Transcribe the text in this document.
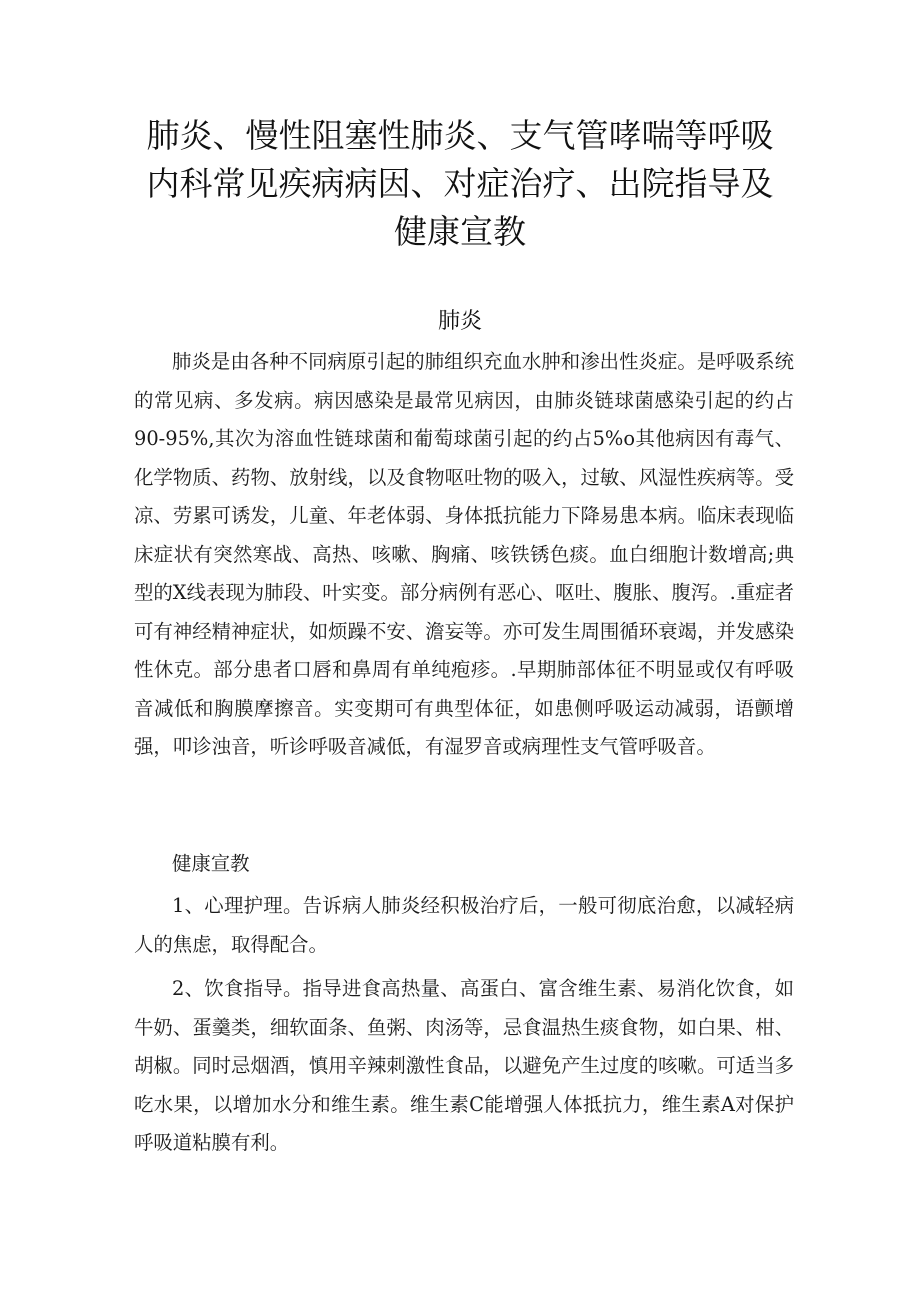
肺炎、慢性阻塞性肺炎、支气管哮喘等呼吸
内科常见疾病病因、对症治疗、出院指导及
健康宣教
肺炎

肺炎是由各种不同病原引起的肺组织充血水肿和渗出性炎症。是呼吸系统的常见病、多发病。病因感染是最常见病因，由肺炎链球菌感染引起的约占90-95%,其次为溶血性链球菌和葡萄球菌引起的约占5%o其他病因有毒气、化学物质、药物、放射线，以及食物呕吐物的吸入，过敏、风湿性疾病等。受凉、劳累可诱发，儿童、年老体弱、身体抵抗能力下降易患本病。临床表现临床症状有突然寒战、高热、咳嗽、胸痛、咳铁锈色痰。血白细胞计数增高;典型的X线表现为肺段、叶实变。部分病例有恶心、呕吐、腹胀、腹泻。.重症者可有神经精神症状，如烦躁不安、澹妄等。亦可发生周围循环衰竭，并发感染性休克。部分患者口唇和鼻周有单纯疱疹。.早期肺部体征不明显或仅有呼吸音减低和胸膜摩擦音。实变期可有典型体征，如患侧呼吸运动减弱，语颤增强，叩诊浊音，听诊呼吸音减低，有湿罗音或病理性支气管呼吸音。

健康宣教

1、心理护理。告诉病人肺炎经积极治疗后，一般可彻底治愈，以减轻病人的焦虑，取得配合。

2、饮食指导。指导进食高热量、高蛋白、富含维生素、易消化饮食，如牛奶、蛋羹类，细软面条、鱼粥、肉汤等，忌食温热生痰食物，如白果、柑、胡椒。同时忌烟酒，慎用辛辣刺激性食品，以避免产生过度的咳嗽。可适当多吃水果，以增加水分和维生素。维生素C能增强人体抵抗力，维生素A对保护呼吸道粘膜有利。
